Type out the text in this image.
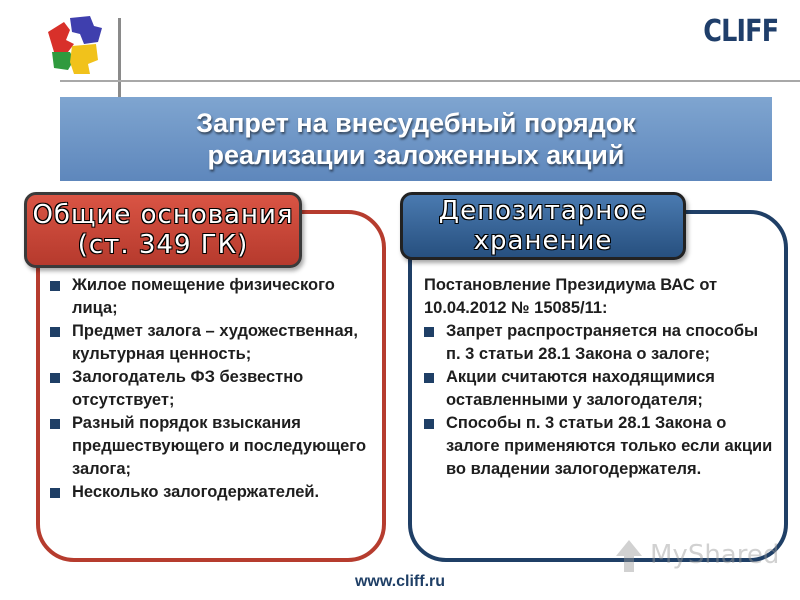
CLIFF
Запрет на внесудебный порядок
реализации заложенных акций
Общие основания
(ст. 349 ГК)
Жилое помещение физического лица;
Предмет залога – художественная, культурная ценность;
Залогодатель ФЗ безвестно отсутствует;
Разный порядок взыскания предшествующего и последующего залога;
Несколько залогодержателей.
Депозитарное
хранение
Постановление Президиума ВАС от 10.04.2012 № 15085/11:
Запрет распространяется на способы п. 3 статьи 28.1 Закона о залоге;
Акции считаются находящимися оставленными у залогодателя;
Способы п. 3 статьи 28.1 Закона о залоге применяются только если акции во владении залогодержателя.
MyShared
www.cliff.ru
